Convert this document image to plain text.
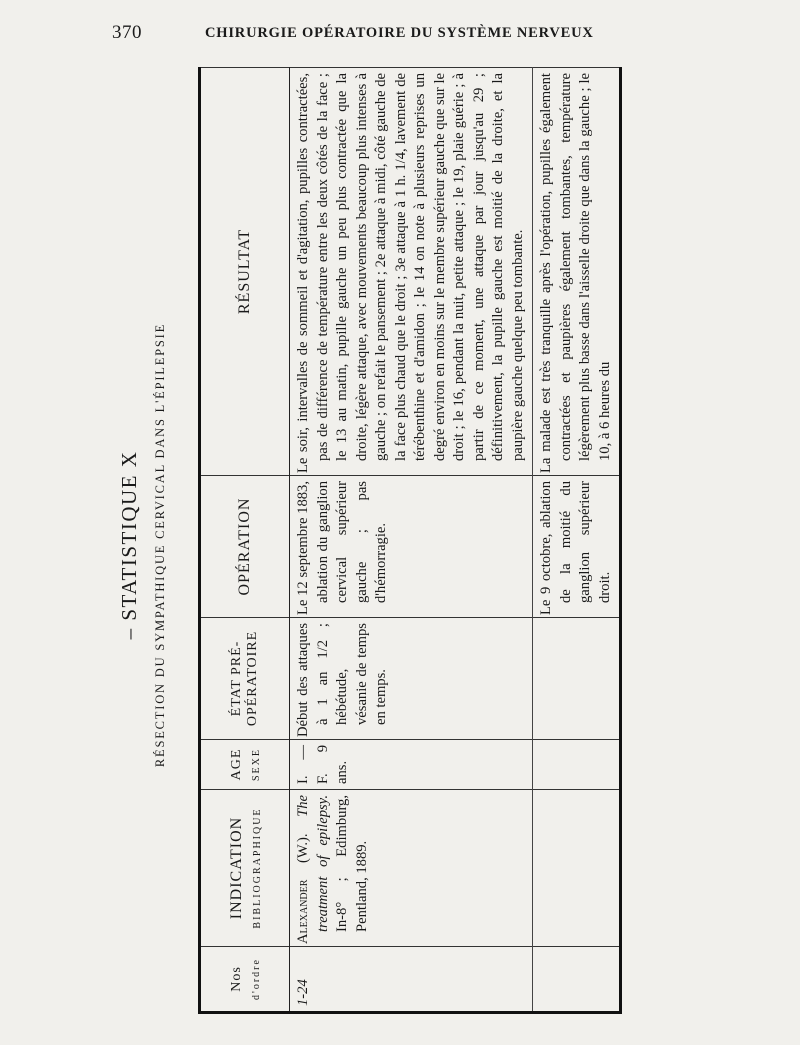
370	CHIRURGIE OPÉRATOIRE DU SYSTÈME NERVEUX
– STATISTIQUE X RÉSECTION DU SYMPATHIQUE CERVICAL DANS L'ÉPILEPSIE
Nos d'ordre	INDICATION BIBLIOGRAPHIQUE	AGE SEXE	ÉTAT PRÉ-OPÉRATOIRE	OPÉRATION	RÉSULTAT
1-24	Alexander (W.). The treatment of epilepsy. In-8° ; Edimburg, Pentland, 1889.	I. — F. 9 ans.	Début des attaques à 1 an 1/2 ; hébétude, vésanie de temps en temps.	Le 12 septembre 1883, ablation du ganglion cervical supérieur gauche ; pas d'hémorragie.	Le soir, intervalles de sommeil et d'agitation, pupilles contractées, pas de différence de température entre les deux côtés de la face ; le 13 au matin, pupille gauche un peu plus contractée que la droite, légère attaque, avec mouvements beaucoup plus intenses à gauche ; on refait le pansement ; 2e attaque à midi, côté gauche de la face plus chaud que le droit ; 3e attaque à 1 h. 1/4, lavement de térébenthine et d'amidon ; le 14 on note à plusieurs reprises un degré environ en moins sur le membre supérieur gauche que sur le droit ; le 16, pendant la nuit, petite attaque ; le 19, plaie guérie ; à partir de ce moment, une attaque par jour jusqu'au 29 ; définitivement, la pupille gauche est moitié de la droite, et la paupière gauche quelque peu tombante.
				Le 9 octobre, ablation de la moitié du ganglion supérieur droit.	La malade est très tranquille après l'opération, pupilles également contractées et paupières également tombantes, température légèrement plus basse dans l'aisselle droite que dans la gauche ; le 10, à 6 heures du
